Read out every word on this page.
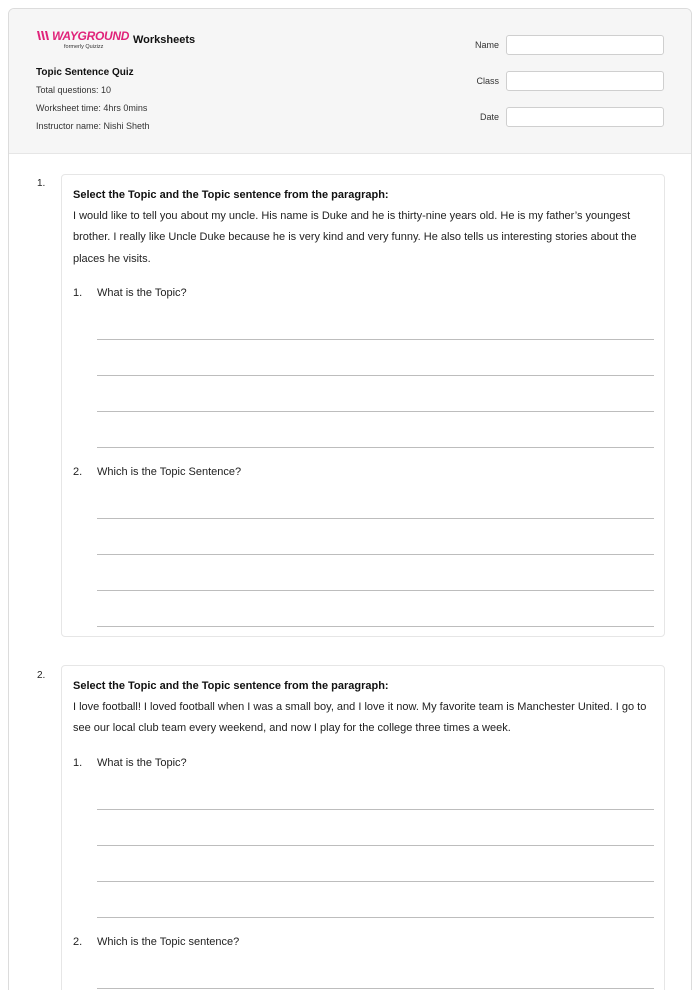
WAYGROUND
formerly Quizizz
Worksheets
Topic Sentence Quiz
Total questions: 10
Worksheet time: 4hrs 0mins
Instructor name: Nishi Sheth
Name
Class
Date
1.
Select the Topic and the Topic sentence from the paragraph:
I would like to tell you about my uncle. His name is Duke and he is thirty-nine years old. He is my father’s youngest brother. I really like Uncle Duke because he is very kind and very funny. He also tells us interesting stories about the places he visits.
1. What is the Topic?
2. Which is the Topic Sentence?
2.
Select the Topic and the Topic sentence from the paragraph:
I love football! I loved football when I was a small boy, and I love it now. My favorite team is Manchester United. I go to see our local club team every weekend, and now I play for the college three times a week.
1. What is the Topic?
2. Which is the Topic sentence?
